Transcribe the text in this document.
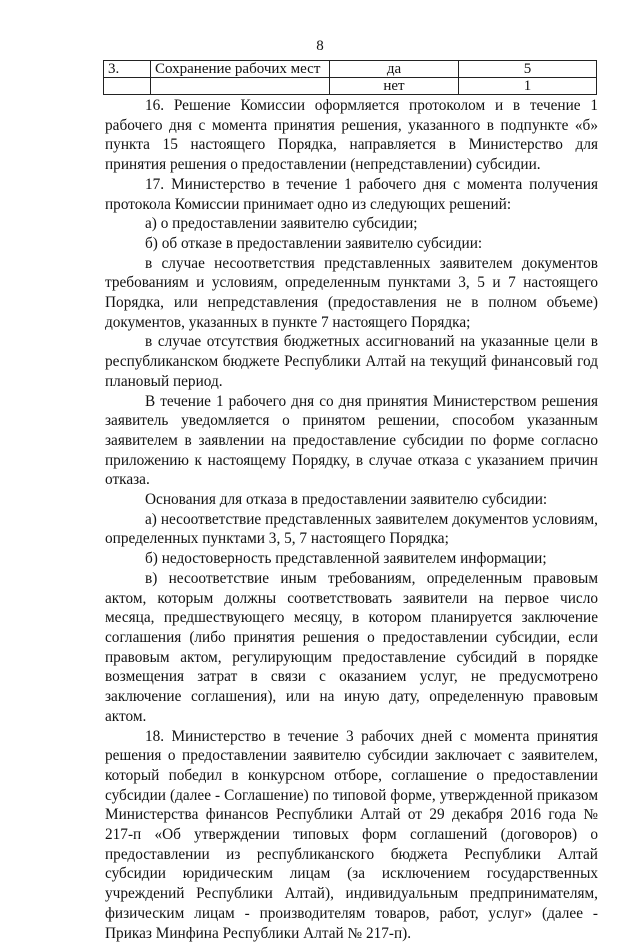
8
3.	Сохранение рабочих мест	да	5
		нет	1

16. Решение Комиссии оформляется протоколом и в течение 1 рабочего дня с момента принятия решения, указанного в подпункте «б» пункта 15 настоящего Порядка, направляется в Министерство для принятия решения о предоставлении (непредставлении) субсидии.

17. Министерство в течение 1 рабочего дня с момента получения протокола Комиссии принимает одно из следующих решений:

а) о предоставлении заявителю субсидии;

б) об отказе в предоставлении заявителю субсидии:

в случае несоответствия представленных заявителем документов требованиям и условиям, определенным пунктами 3, 5 и 7 настоящего Порядка, или непредставления (предоставления не в полном объеме) документов, указанных в пункте 7 настоящего Порядка;

в случае отсутствия бюджетных ассигнований на указанные цели в республиканском бюджете Республики Алтай на текущий финансовый год плановый период.

В течение 1 рабочего дня со дня принятия Министерством решения заявитель уведомляется о принятом решении, способом указанным заявителем в заявлении на предоставление субсидии по форме согласно приложению к настоящему Порядку, в случае отказа с указанием причин отказа.

Основания для отказа в предоставлении заявителю субсидии:

а) несоответствие представленных заявителем документов условиям, определенных пунктами 3, 5, 7 настоящего Порядка;

б) недостоверность представленной заявителем информации;

в) несоответствие иным требованиям, определенным правовым актом, которым должны соответствовать заявители на первое число месяца, предшествующего месяцу, в котором планируется заключение соглашения (либо принятия решения о предоставлении субсидии, если правовым актом, регулирующим предоставление субсидий в порядке возмещения затрат в связи с оказанием услуг, не предусмотрено заключение соглашения), или на иную дату, определенную правовым актом.

18. Министерство в течение 3 рабочих дней с момента принятия решения о предоставлении заявителю субсидии заключает с заявителем, который победил в конкурсном отборе, соглашение о предоставлении субсидии (далее - Соглашение) по типовой форме, утвержденной приказом Министерства финансов Республики Алтай от 29 декабря 2016 года № 217-п «Об утверждении типовых форм соглашений (договоров) о предоставлении из республиканского бюджета Республики Алтай субсидии юридическим лицам (за исключением государственных учреждений Республики Алтай), индивидуальным предпринимателям, физическим лицам - производителям товаров, работ, услуг» (далее - Приказ Минфина Республики Алтай № 217-п).
